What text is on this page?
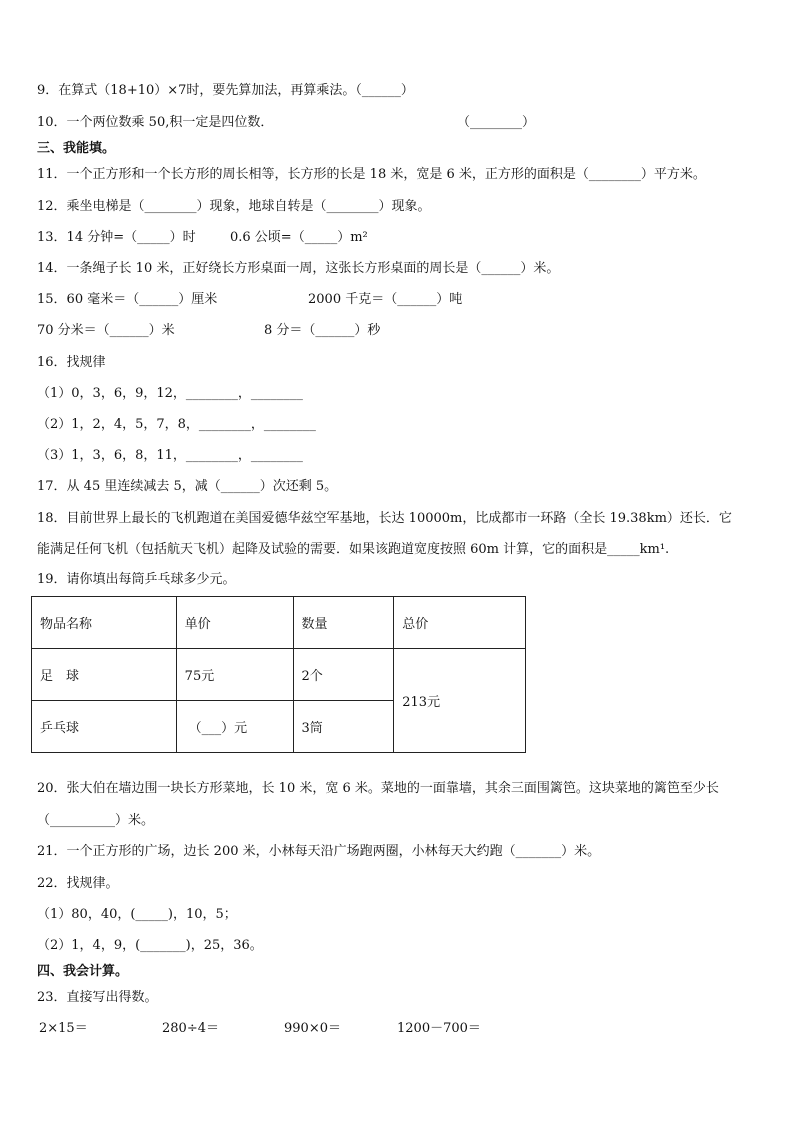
9．在算式（18+10）×7时，要先算加法，再算乘法。（______）
10．一个两位数乘 50,积一定是四位数．	（________）
三、我能填。
11．一个正方形和一个长方形的周长相等，长方形的长是 18 米，宽是 6 米，正方形的面积是（________）平方米。
12．乘坐电梯是（________）现象，地球自转是（________）现象。
13．14 分钟=（_____）时	0.6 公顷=（_____）m²
14．一条绳子长 10 米，正好绕长方形桌面一周，这张长方形桌面的周长是（______）米。
15．60 毫米＝（______）厘米	2000 千克＝（______）吨
70 分米＝（______）米	8 分＝（______）秒
16．找规律
（1）0，3，6，9，12，________，________
（2）1，2，4，5，7，8，________，________
（3）1，3，6，8，11，________，________
17．从 45 里连续减去 5，减（______）次还剩 5。
18．目前世界上最长的飞机跑道在美国爱德华兹空军基地，长达 10000m，比成都市一环路（全长 19.38km）还长．它
能满足任何飞机（包括航天飞机）起降及试验的需要．如果该跑道宽度按照 60m 计算，它的面积是_____km¹.
19．请你填出每筒乒乓球多少元。
物品名称	单价	数量	总价
足　球	75元	2个	213元
乒乓球	（___）元	3筒	
20．张大伯在墙边围一块长方形菜地，长 10 米，宽 6 米。菜地的一面靠墙，其余三面围篱笆。这块菜地的篱笆至少长
（__________）米。
21．一个正方形的广场，边长 200 米，小林每天沿广场跑两圈，小林每天大约跑（_______）米。
22．找规律。
（1）80，40，(_____)，10，5；
（2）1，4，9，(_______)，25，36。
四、我会计算。
23．直接写出得数。
2×15＝	280÷4＝	990×0＝	1200－700＝
